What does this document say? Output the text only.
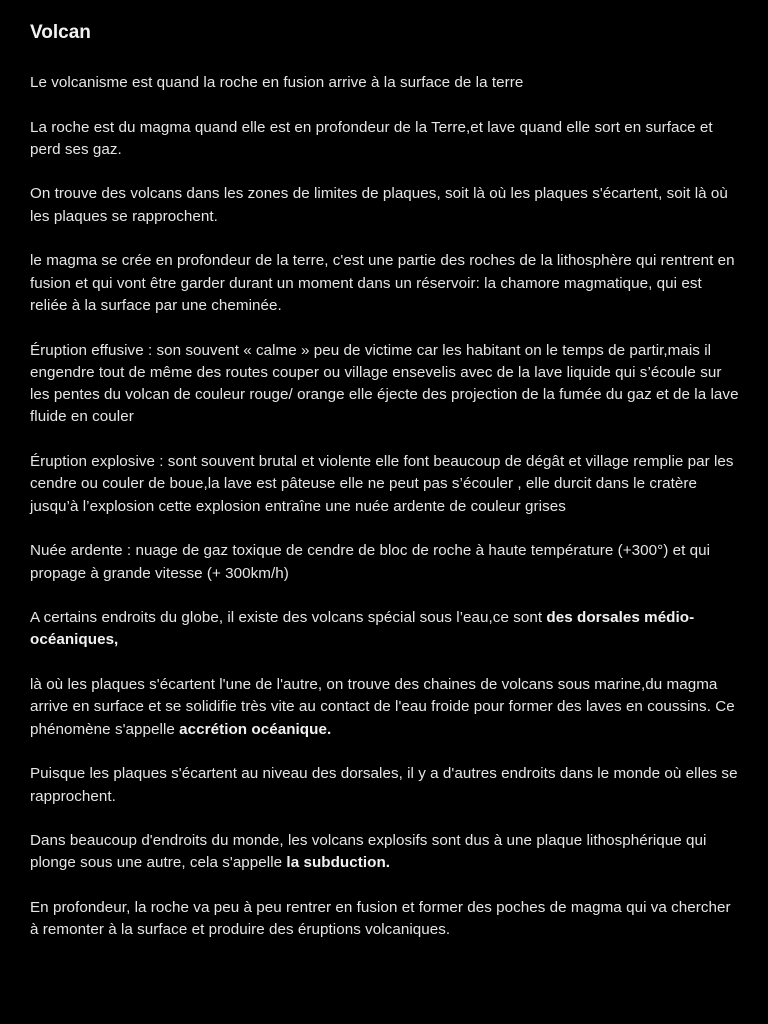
Volcan

Le volcanisme est quand la roche en fusion arrive à la surface de la terre

La roche est du magma quand elle est en profondeur de la Terre,et lave quand elle sort en surface et perd ses gaz.

On trouve des volcans dans les zones de limites de plaques, soit là où les plaques s'écartent, soit là où les plaques se rapprochent.

le magma se crée en profondeur de la terre, c'est une partie des roches de la lithosphère qui rentrent en fusion et qui vont être garder durant un moment dans un réservoir: la chamore magmatique, qui est reliée à la surface par une cheminée.

Éruption effusive : son souvent « calme » peu de victime car les habitant on le temps de partir,mais il engendre tout de même des routes couper ou village ensevelis avec de la lave liquide qui s’écoule sur les pentes du volcan de couleur rouge/ orange elle éjecte des projection de la fumée du gaz et de la lave fluide en couler

Éruption explosive : sont souvent brutal et violente elle font beaucoup de dégât et village remplie par les cendre ou couler de boue,la lave est pâteuse elle ne peut pas s’écouler , elle durcit dans le cratère jusqu’à l’explosion cette explosion entraîne une nuée ardente de couleur grises

Nuée ardente : nuage de gaz toxique de cendre de bloc de roche à haute température (+300°) et qui propage à grande vitesse (+ 300km/h)

A certains endroits du globe, il existe des volcans spécial sous l’eau,ce sont des dorsales médio-océaniques,

là où les plaques s'écartent l'une de l'autre, on trouve des chaines de volcans sous marine,du magma arrive en surface et se solidifie très vite au contact de l'eau froide pour former des laves en coussins. Ce phénomène s'appelle accrétion océanique.

Puisque les plaques s'écartent au niveau des dorsales, il y a d'autres endroits dans le monde où elles se rapprochent.

Dans beaucoup d'endroits du monde, les volcans explosifs sont dus à une plaque lithosphérique qui plonge sous une autre, cela s'appelle la subduction.

En profondeur, la roche va peu à peu rentrer en fusion et former des poches de magma qui va chercher à remonter à la surface et produire des éruptions volcaniques.
